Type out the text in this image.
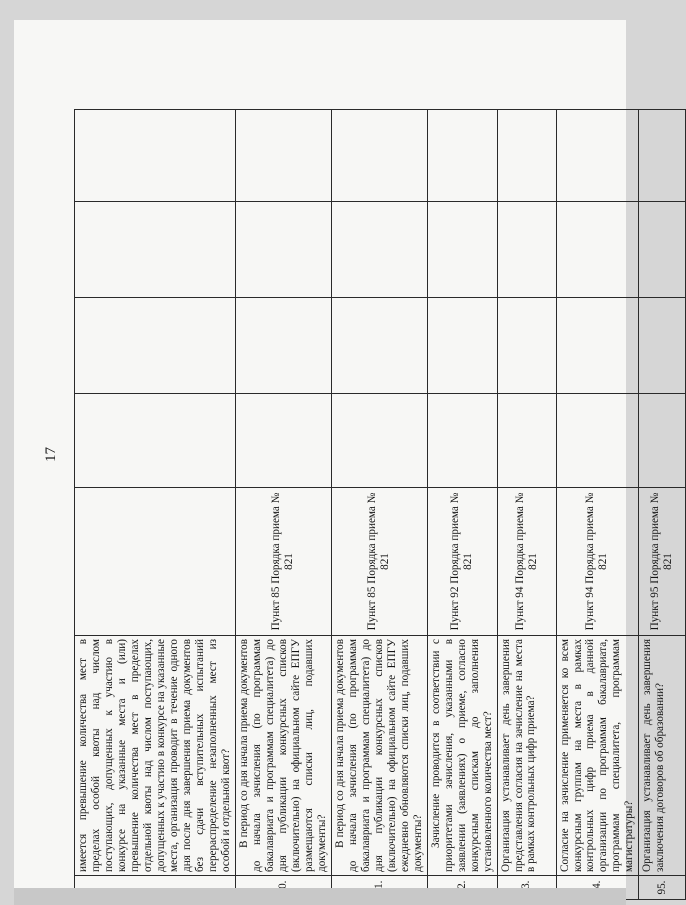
17
	имеется превышение количества мест в пределах особой квоты над числом поступающих, допущенных к участию в конкурсе на указанные места и (или) превышение количества мест в пределах отдельной квоты над числом поступающих, допущенных к участию в конкурсе на указанные места, организация проводит в течение одного дня после дня завершения приема документов без сдачи вступительных испытаний перераспределение незаполненных мест из особой и отдельной квот?					
	В период со дня начала приема документов до начала зачисления (по программам бакалавриата и программам специалитета) до дня публикации конкурсных списков (включительно) на официальном сайте ЕПГУ размещаются списки лиц, подавших документы?	Пункт 85 Порядка приема № 821				
	В период со дня начала приема документов до начала зачисления (по программам бакалавриата и программам специалитета) до дня публикации конкурсных списков (включительно) на официальном сайте ЕПГУ ежедневно обновляются списки лиц, подавших документы?	Пункт 85 Порядка приема № 821				
	Зачисление проводится в соответствии с приоритетами зачисления, указанными в заявлении (заявлениях) о приеме, согласно конкурсным спискам до заполнения установленного количества мест?	Пункт 92 Порядка приема № 821				
	Организация устанавливает день завершения представления согласия на зачисление на места в рамках контрольных цифр приема?	Пункт 94 Порядка приема № 821				
	Согласие на зачисление применяется ко всем конкурсным группам на места в рамках контрольных цифр приема в данной организации по программам бакалавриата, программам специалитета, программам магистратуры?	Пункт 94 Порядка приема № 821				
95.	Организация устанавливает день завершения заключения договоров об образовании?	Пункт 95 Порядка приема № 821				
